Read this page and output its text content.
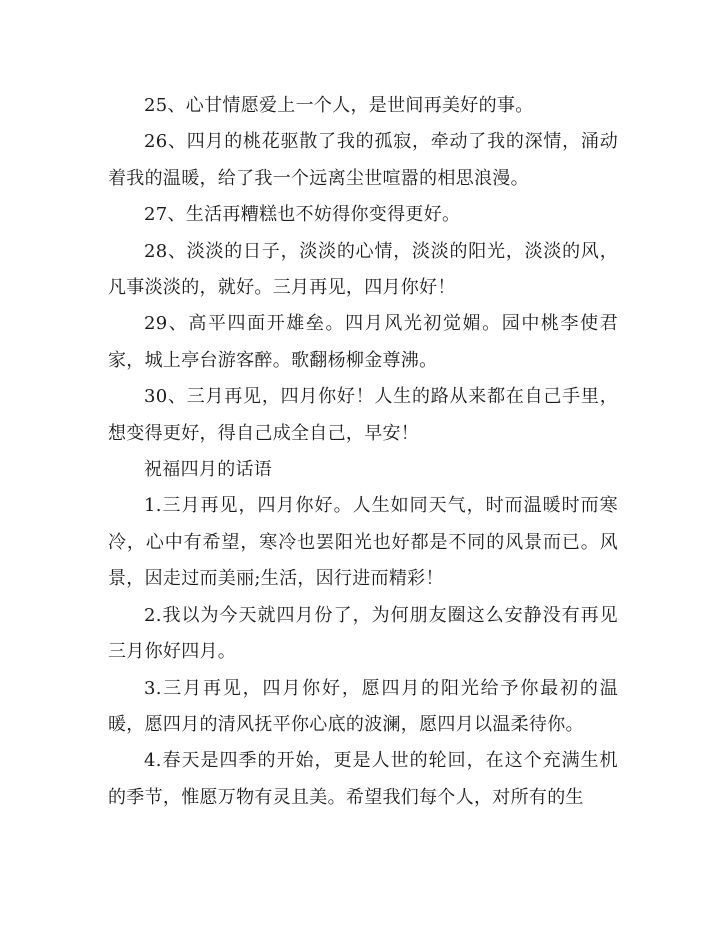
25、心甘情愿爱上一个人，是世间再美好的事。

26、四月的桃花驱散了我的孤寂，牵动了我的深情，涌动着我的温暖，给了我一个远离尘世喧嚣的相思浪漫。

27、生活再糟糕也不妨得你变得更好。

28、淡淡的日子，淡淡的心情，淡淡的阳光，淡淡的风，凡事淡淡的，就好。三月再见，四月你好！

29、高平四面开雄垒。四月风光初觉媚。园中桃李使君家，城上亭台游客醉。歌翻杨柳金尊沸。

30、三月再见，四月你好！人生的路从来都在自己手里，想变得更好，得自己成全自己，早安！

祝福四月的话语

1.三月再见，四月你好。人生如同天气，时而温暖时而寒冷，心中有希望，寒冷也罢阳光也好都是不同的风景而已。风景，因走过而美丽;生活，因行进而精彩！

2.我以为今天就四月份了，为何朋友圈这么安静没有再见三月你好四月。

3.三月再见，四月你好，愿四月的阳光给予你最初的温暖，愿四月的清风抚平你心底的波澜，愿四月以温柔待你。

4.春天是四季的开始，更是人世的轮回，在这个充满生机的季节，惟愿万物有灵且美。希望我们每个人，对所有的生
